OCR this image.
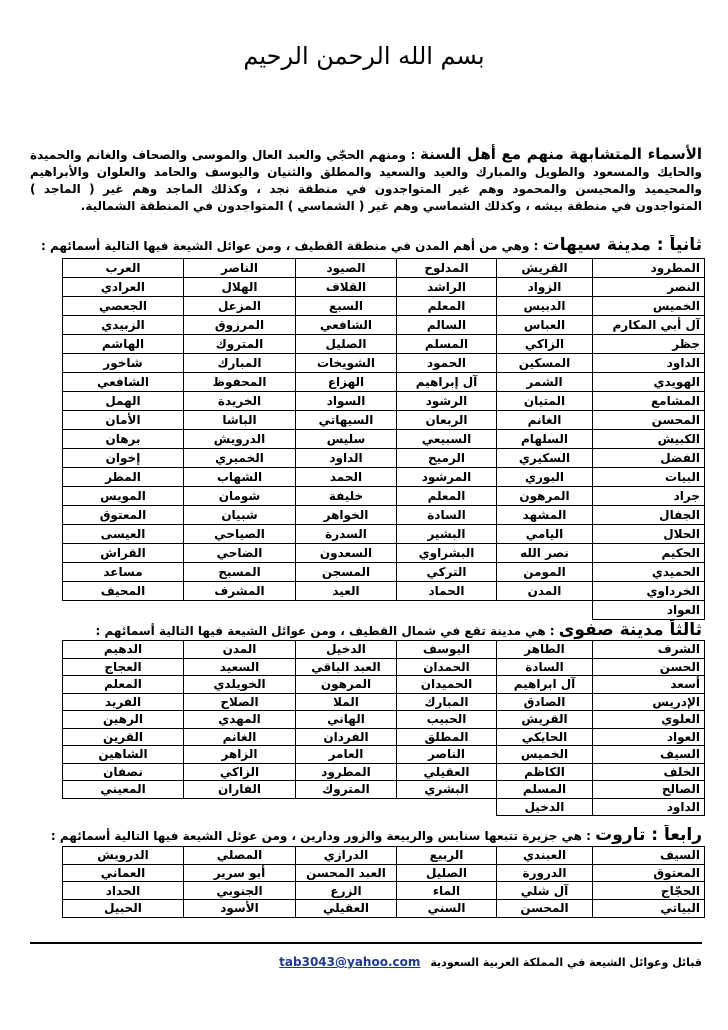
بسم الله الرحمن الرحيم

الأسماء المتشابهة منهم مع أهل السنة : ومنهم الحجّي والعبد العال والموسى والصحاف والغانم والحميدة والحايك والمسعود والطويل والمبارك والعيد والسعيد والمطلق والثنيان واليوسف والحامد والعلوان والأبراهيم والمحيميد والمحيسن والمحمود وهم غير المتواجدون في منطقة نجد ، وكذلك الماجد وهم غير ( الماجد ) المتواجدون في منطقة بيشه ، وكذلك الشماسي وهم غير ( الشماسي ) المتواجدون في المنطقة الشمالية.

ثانياً : مدينة سيهات : وهي من أهم المدن في منطقة القطيف ، ومن عوائل الشيعة فيها التالية أسمائهم :
المطرود	القريش	المدلوح	الصيود	الناصر	العرب
النصر	الزواد	الراشد	القلاف	الهلال	العرادي
الخميس	الدبيس	المعلم	السبع	المزعل	الجعصي
آل أبي المكارم	العباس	السالم	الشافعي	المرزوق	الزبيدي
جظر	الزاكي	المسلم	الصليل	المتروك	الهاشم
الداود	المسكين	الحمود	الشويخات	المبارك	شاخور
الهويدي	الشمر	آل إبراهيم	الهزاع	المحفوظ	الشافعي
المشامع	المتيان	الرشود	السواد	الخريدة	الهمل
المحسن	الغانم	الربعان	السيهاتي	الباشا	الأمان
الكبيش	السلهام	السبيعي	سليس	الدرويش	برهان
الفضل	السكيري	الرميح	الداود	الخميري	إخوان
البيات	البوري	المرشود	الحمد	الشهاب	المطر
جراد	المرهون	المعلم	خليفة	شومان	المويس
الجفال	المشهد	السادة	الخواهر	شبيان	المعتوق
الحلال	اليامي	البشير	السدرة	الصياحي	العيسى
الحكيم	نصر الله	البشراوي	السعدون	الضاحي	القراش
الحميدي	المومن	التركي	المسجن	المسبح	مساعد
الخرداوي	المدن	الحماد	العيد	المشرف	المحيف
العواد					
ثالثاً مدينة صفوى : هي مدينة تقع في شمال القطيف ، ومن عوائل الشيعة فيها التالية أسمائهم :
الشرف	الطاهر	اليوسف	الدخيل	المدن	الدهيم
الحسن	السادة	الحمدان	العبد الباقي	السعيد	العجاج
أسعد	آل ابراهيم	الحميدان	المرهون	الخويلدي	المعلم
الإدريس	الصادق	المبارك	الملا	الصلاح	الفريد
العلوي	القريش	الحبيب	الهاني	المهدي	الرهين
العواد	الحايكي	المطلق	الفردان	الغانم	القرين
السيف	الخميس	الناصر	العامر	الزاهر	الشاهين
الخلف	الكاظم	العقيلي	المطرود	الزاكي	نصفان
الصالح	المسلم	البشري	المتروك	الفاران	المعيني
الداود	الدخيل				
رابعاً : تاروت : هي جزيرة تتبعها سنابس والربيعة والزور ودارين ، ومن عوئل الشيعة فيها التالية أسمائهم :
السيف	العبندي	الربيع	الدرازي	المصلي	الدرويش
المعتوق	الدرورة	الصليل	العبد المحسن	أبو سرير	العماني
الحجّاج	آل شلي	الماء	الزرع	الجنوبي	الحداد
البياتي	المحسن	السني	العقيلي	الأسود	الحبيل
قبائل وعوائل الشيعة في المملكة العربية السعوديةtab3043@yahoo.com
